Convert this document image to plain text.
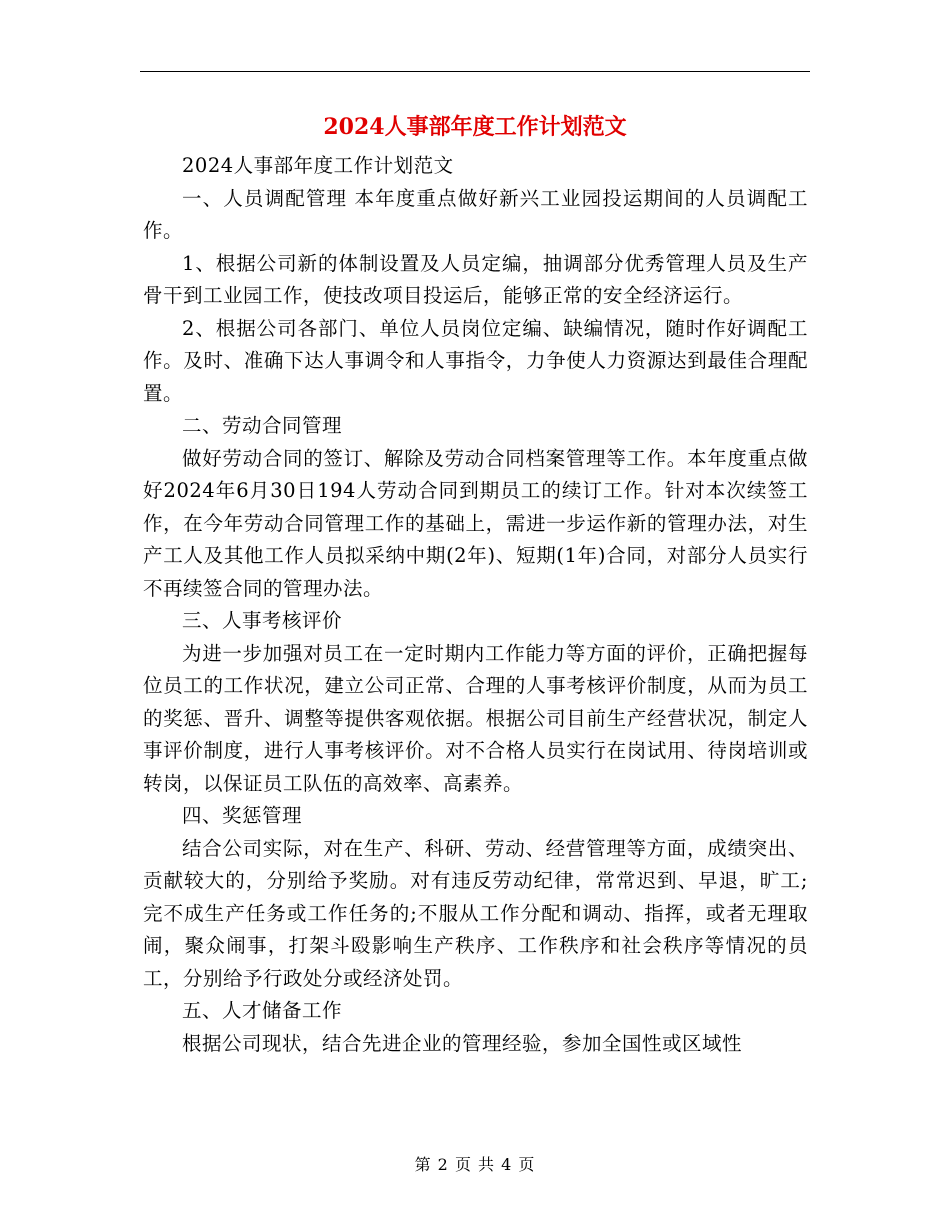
2024人事部年度工作计划范文

2024人事部年度工作计划范文

一、人员调配管理 本年度重点做好新兴工业园投运期间的人员调配工作。

1、根据公司新的体制设置及人员定编，抽调部分优秀管理人员及生产骨干到工业园工作，使技改项目投运后，能够正常的安全经济运行。

2、根据公司各部门、单位人员岗位定编、缺编情况，随时作好调配工作。及时、准确下达人事调令和人事指令，力争使人力资源达到最佳合理配置。

二、劳动合同管理

做好劳动合同的签订、解除及劳动合同档案管理等工作。本年度重点做好2024年6月30日194人劳动合同到期员工的续订工作。针对本次续签工作，在今年劳动合同管理工作的基础上，需进一步运作新的管理办法，对生产工人及其他工作人员拟采纳中期(2年)、短期(1年)合同，对部分人员实行不再续签合同的管理办法。

三、人事考核评价

为进一步加强对员工在一定时期内工作能力等方面的评价，正确把握每位员工的工作状况，建立公司正常、合理的人事考核评价制度，从而为员工的奖惩、晋升、调整等提供客观依据。根据公司目前生产经营状况，制定人事评价制度，进行人事考核评价。对不合格人员实行在岗试用、待岗培训或转岗，以保证员工队伍的高效率、高素养。

四、奖惩管理

结合公司实际，对在生产、科研、劳动、经营管理等方面，成绩突出、贡献较大的，分别给予奖励。对有违反劳动纪律，常常迟到、早退，旷工;完不成生产任务或工作任务的;不服从工作分配和调动、指挥，或者无理取闹，聚众闹事，打架斗殴影响生产秩序、工作秩序和社会秩序等情况的员工，分别给予行政处分或经济处罚。

五、人才储备工作

根据公司现状，结合先进企业的管理经验，参加全国性或区域性

第 2 页 共 4 页
